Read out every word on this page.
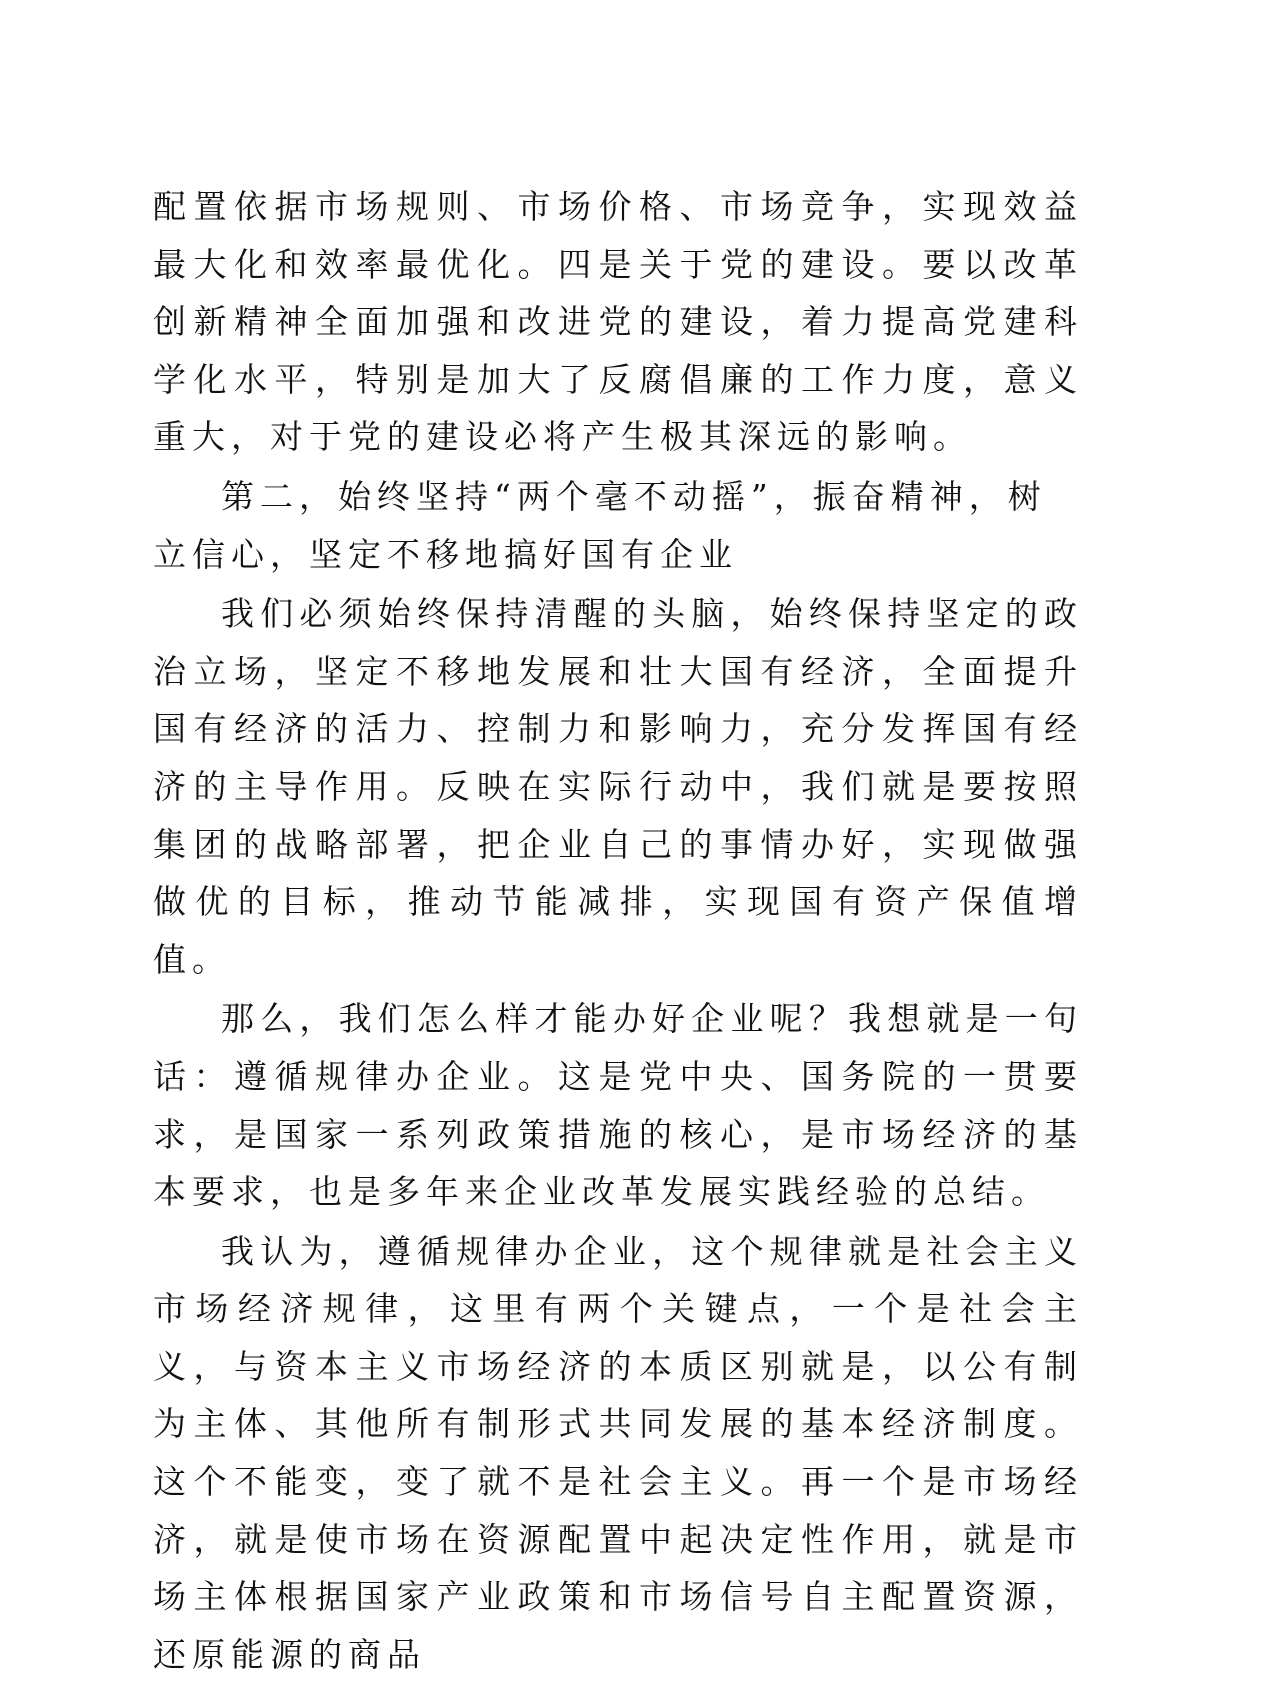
配置依据市场规则、市场价格、市场竞争，实现效益最大化和效率最优化。四是关于党的建设。要以改革创新精神全面加强和改进党的建设，着力提高党建科学化水平，特别是加大了反腐倡廉的工作力度，意义重大，对于党的建设必将产生极其深远的影响。

第二，始终坚持“两个毫不动摇”，振奋精神，树立信心，坚定不移地搞好国有企业

我们必须始终保持清醒的头脑，始终保持坚定的政治立场，坚定不移地发展和壮大国有经济，全面提升国有经济的活力、控制力和影响力，充分发挥国有经济的主导作用。反映在实际行动中，我们就是要按照集团的战略部署，把企业自己的事情办好，实现做强做优的目标，推动节能减排，实现国有资产保值增值。

那么，我们怎么样才能办好企业呢？我想就是一句话：遵循规律办企业。这是党中央、国务院的一贯要求，是国家一系列政策措施的核心，是市场经济的基本要求，也是多年来企业改革发展实践经验的总结。

我认为，遵循规律办企业，这个规律就是社会主义市场经济规律，这里有两个关键点，一个是社会主义，与资本主义市场经济的本质区别就是，以公有制为主体、其他所有制形式共同发展的基本经济制度。这个不能变，变了就不是社会主义。再一个是市场经济，就是使市场在资源配置中起决定性作用，就是市场主体根据国家产业政策和市场信号自主配置资源，还原能源的商品
